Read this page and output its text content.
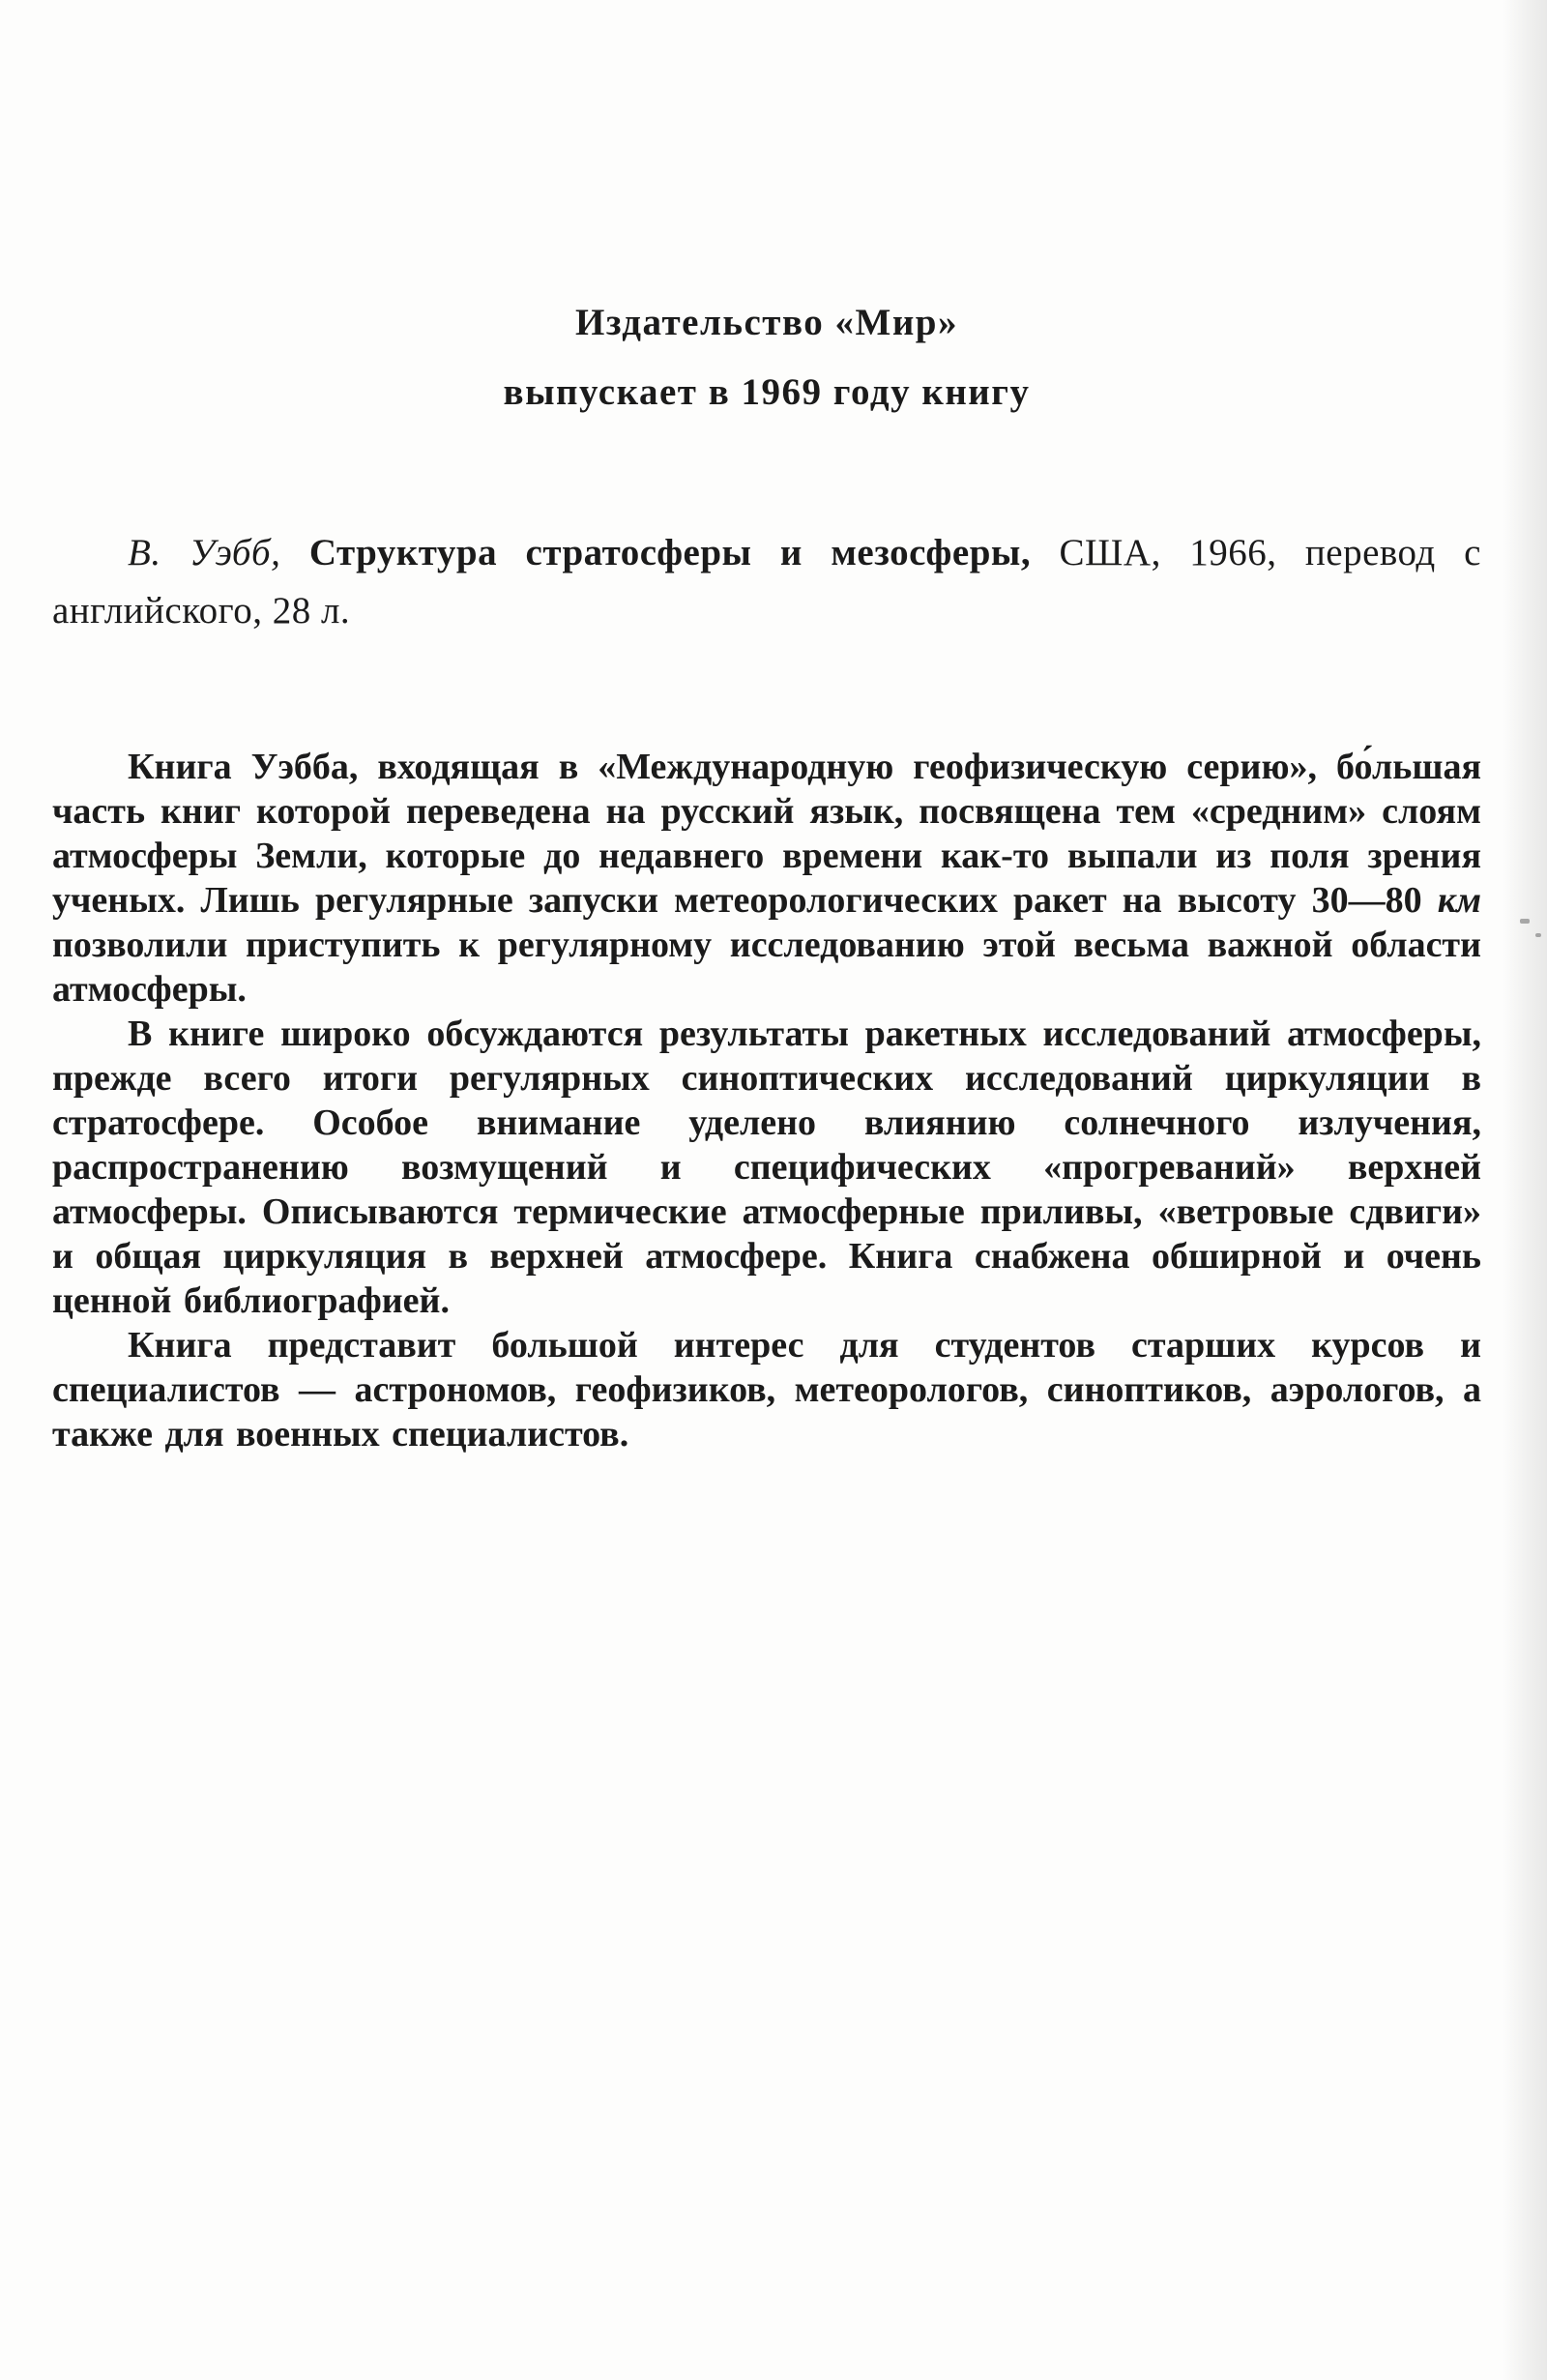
Издательство «Мир»
выпускает в 1969 году книгу

В. Уэбб, Структура стратосферы и мезосферы, США, 1966, перевод с английского, 28 л.

Книга Уэбба, входящая в «Международную геофизическую серию», бо́льшая часть книг которой переведена на русский язык, посвящена тем «средним» слоям атмосферы Земли, которые до недавнего времени как-то выпали из поля зрения ученых. Лишь регулярные запуски метеорологических ракет на высоту 30—80 км позволили приступить к регулярному исследованию этой весьма важной области атмосферы.

В книге широко обсуждаются результаты ракетных исследований атмосферы, прежде всего итоги регулярных синоптических исследований циркуляции в стратосфере. Особое внимание уделено влиянию солнечного излучения, распространению возмущений и специфических «прогреваний» верхней атмосферы. Описываются термические атмосферные приливы, «ветровые сдвиги» и общая циркуляция в верхней атмосфере. Книга снабжена обширной и очень ценной библиографией.

Книга представит большой интерес для студентов старших курсов и специалистов — астрономов, геофизиков, метеорологов, синоптиков, аэрологов, а также для военных специалистов.
